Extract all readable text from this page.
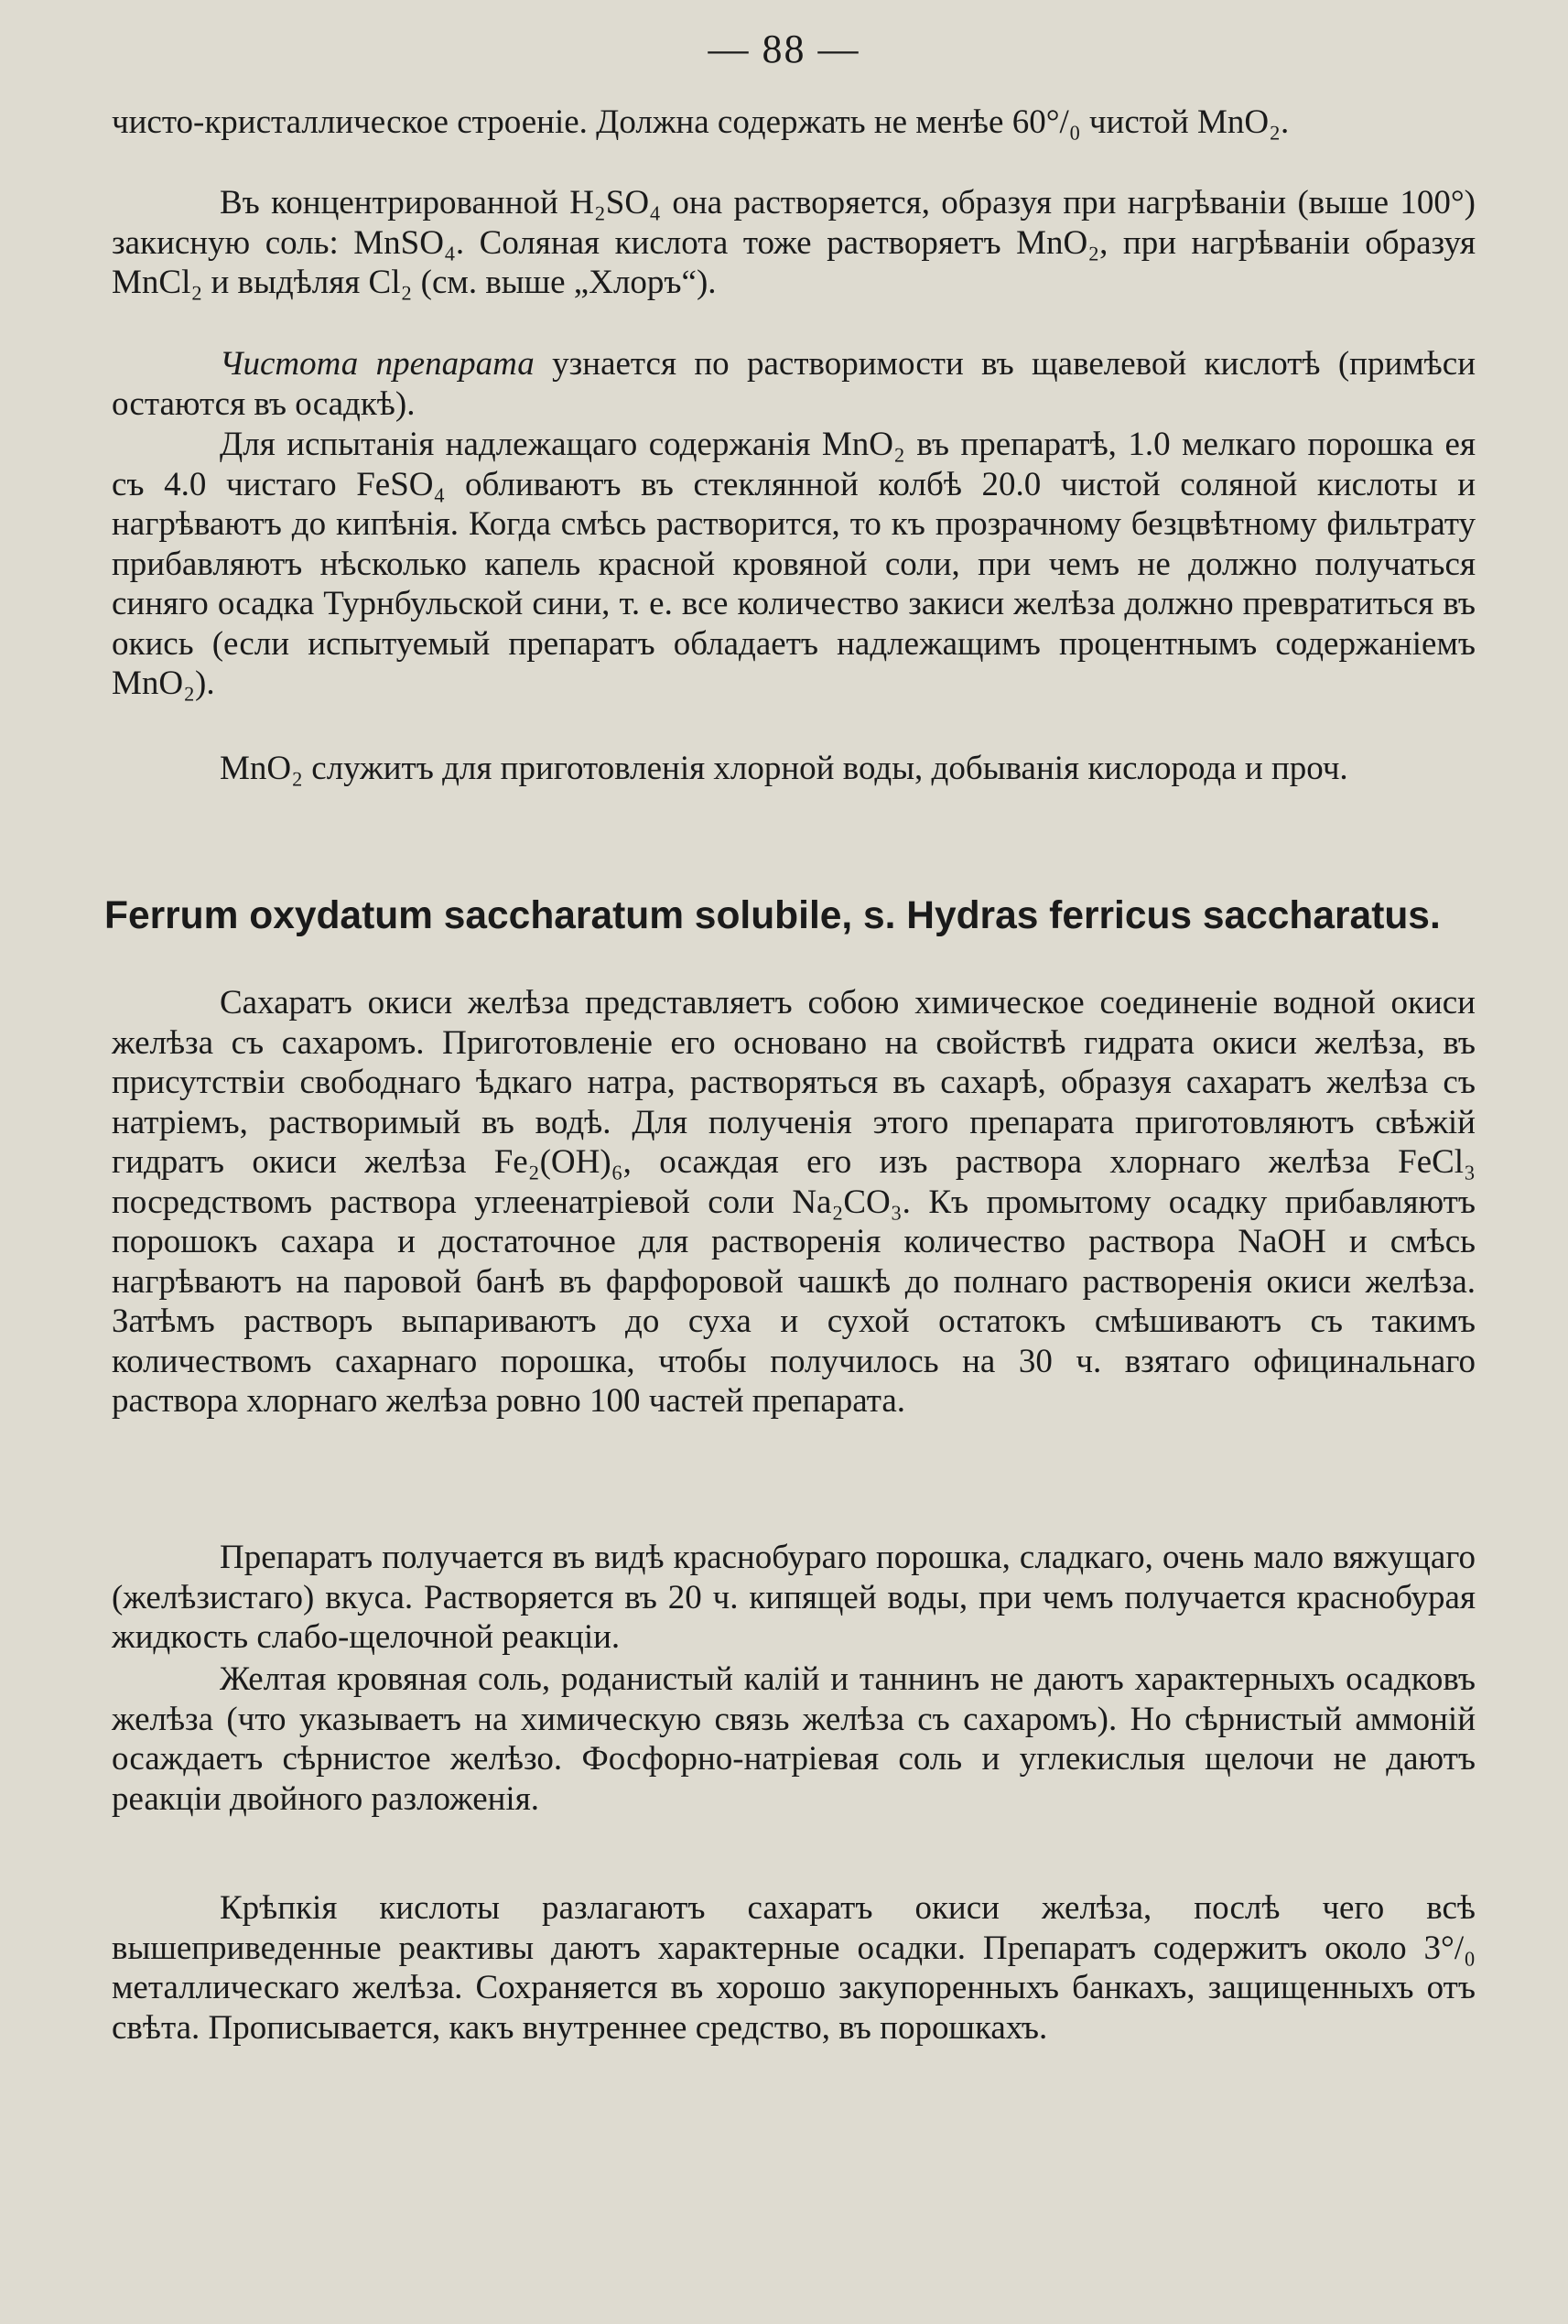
— 88 —

чисто-кристаллическое строеніе. Должна содержать не менѣе 60°/₀ чистой MnO₂.

Въ концентрированной H₂SO₄ она растворяется, образуя при нагрѣваніи (выше 100°) закисную соль: MnSO₄. Соляная кислота тоже растворяетъ MnO₂, при нагрѣваніи образуя MnCl₂ и выдѣляя Cl₂ (см. выше „Хлоръ“).

Чистота препарата узнается по растворимости въ щавелевой кислотѣ (примѣси остаются въ осадкѣ).

Для испытанія надлежащаго содержанія MnO₂ въ препаратѣ, 1.0 мелкаго порошка ея съ 4.0 чистаго FeSO₄ обливаютъ въ стеклянной колбѣ 20.0 чистой соляной кислоты и нагрѣваютъ до кипѣнія. Когда смѣсь растворится, то къ прозрачному безцвѣтному фильтрату прибавляютъ нѣсколько капель красной кровяной соли, при чемъ не должно получаться синяго осадка Турнбульской сини, т. е. все количество закиси желѣза должно превратиться въ окись (если испытуемый препаратъ обладаетъ надлежащимъ процентнымъ содержаніемъ MnO₂).

MnO₂ служитъ для приготовленія хлорной воды, добыванія кислорода и проч.

Ferrum oxydatum saccharatum solubile, s. Hydras ferricus saccharatus.

Сахаратъ окиси желѣза представляетъ собою химическое соединеніе водной окиси желѣза съ сахаромъ. Приготовленіе его основано на свойствѣ гидрата окиси желѣза, въ присутствіи свободнаго ѣдкаго натра, растворяться въ сахарѣ, образуя сахаратъ желѣза съ натріемъ, растворимый въ водѣ. Для полученія этого препарата приготовляютъ свѣжій гидратъ окиси желѣза Fe₂(OH)₆, осаждая его изъ раствора хлорнаго желѣза FeCl₃ посредствомъ раствора углеенатріевой соли Na₂CO₃. Къ промытому осадку прибавляютъ порошокъ сахара и достаточное для растворенія количество раствора NaOH и смѣсь нагрѣваютъ на паровой банѣ въ фарфоровой чашкѣ до полнаго растворенія окиси желѣза. Затѣмъ растворъ выпариваютъ до суха и сухой остатокъ смѣшиваютъ съ такимъ количествомъ сахарнаго порошка, чтобы получилось на 30 ч. взятаго официнальнаго раствора хлорнаго желѣза ровно 100 частей препарата.

Препаратъ получается въ видѣ краснобураго порошка, сладкаго, очень мало вяжущаго (желѣзистаго) вкуса. Растворяется въ 20 ч. кипящей воды, при чемъ получается краснобурая жидкость слабо-щелочной реакціи.

Желтая кровяная соль, роданистый калій и таннинъ не даютъ характерныхъ осадковъ желѣза (что указываетъ на химическую связь желѣза съ сахаромъ). Но сѣрнистый аммоній осаждаетъ сѣрнистое желѣзо. Фосфорно-натріевая соль и углекислыя щелочи не даютъ реакціи двойного разложенія.

Крѣпкія кислоты разлагаютъ сахаратъ окиси желѣза, послѣ чего всѣ вышеприведенные реактивы даютъ характерные осадки. Препаратъ содержитъ около 3°/₀ металлическаго желѣза. Сохраняется въ хорошо закупоренныхъ банкахъ, защищенныхъ отъ свѣта. Прописывается, какъ внутреннее средство, въ порошкахъ.
